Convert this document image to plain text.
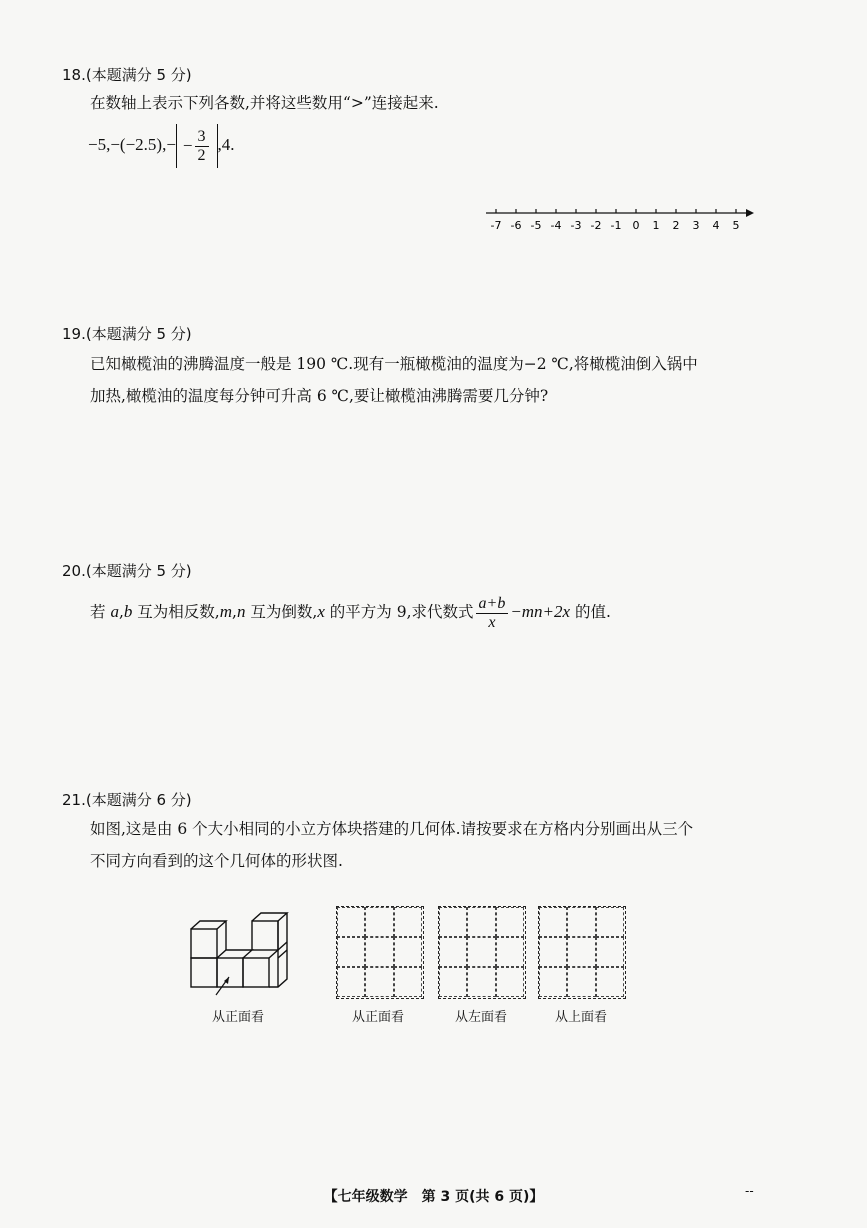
18.(本题满分 5 分)
在数轴上表示下列各数,并将这些数用“>”连接起来.
$-5,-(-2.5),- - \frac{3}{2} ,4$.
-7 -6 -5 -4 -3 -2 -1 0 1 2 3 4 5
19.(本题满分 5 分)
已知橄榄油的沸腾温度一般是 190 ℃.现有一瓶橄榄油的温度为−2 ℃,将橄榄油倒入锅中
加热,橄榄油的温度每分钟可升高 6 ℃,要让橄榄油沸腾需要几分钟?
20.(本题满分 5 分)
若 a,b 互为相反数,m,n 互为倒数,x 的平方为 9,求代数式 $\frac{a+b}{x} -mn+2x$ 的值.
21.(本题满分 6 分)
如图,这是由 6 个大小相同的小立方体块搭建的几何体.请按要求在方格内分别画出从三个
不同方向看到的这个几何体的形状图.
从正面看	从正面看	从左面看	从上面看
【七年级数学　第 3 页(共 6 页)】	--
